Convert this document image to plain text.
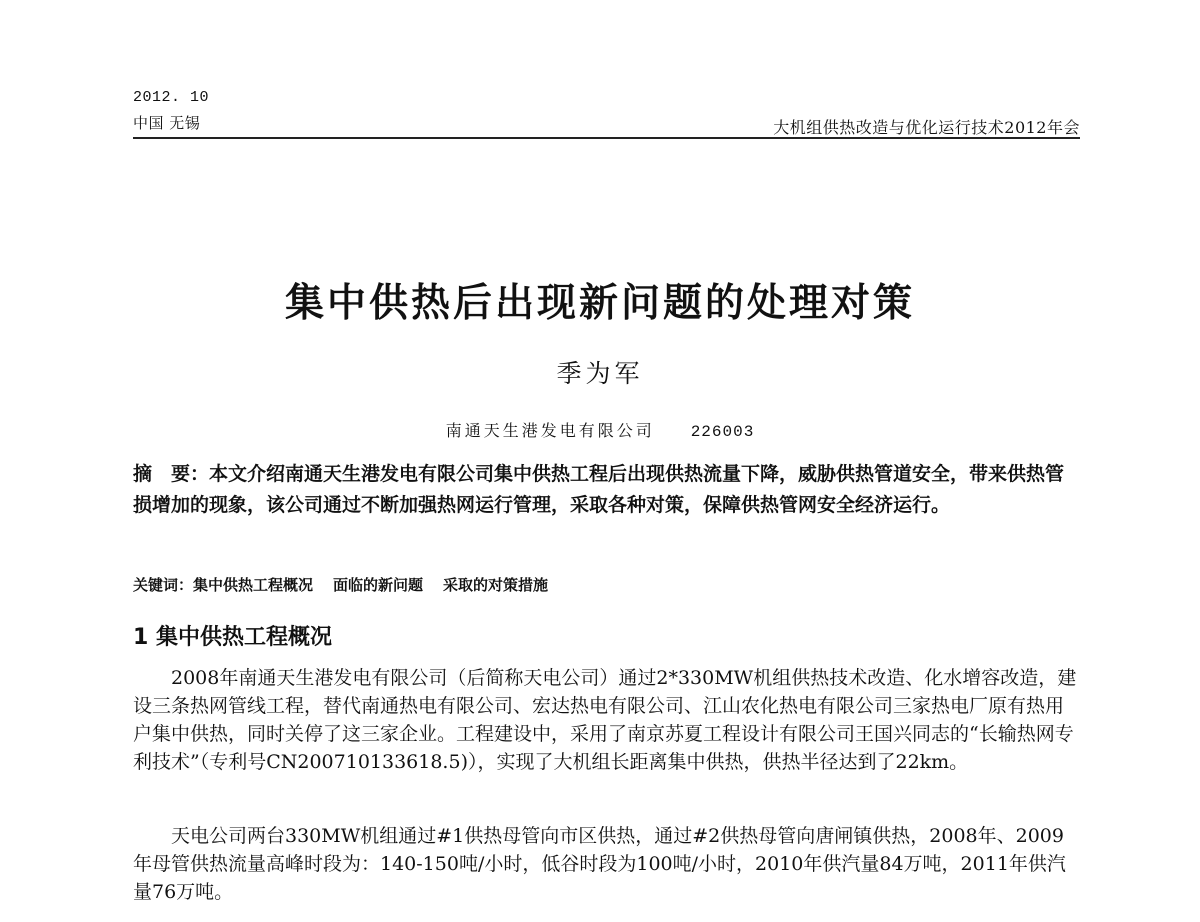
2012. 10
中国 无锡	大机组供热改造与优化运行技术2012年会
集中供热后出现新问题的处理对策
季为军
南通天生港发电有限公司 226003

摘　要：本文介绍南通天生港发电有限公司集中供热工程后出现供热流量下降，威胁供热管道安全，带来供热管损增加的现象，该公司通过不断加强热网运行管理，采取各种对策，保障供热管网安全经济运行。

关键词：集中供热工程概况 面临的新问题 采取的对策措施

1 集中供热工程概况

2008年南通天生港发电有限公司（后简称天电公司）通过2*330MW机组供热技术改造、化水增容改造，建设三条热网管线工程，替代南通热电有限公司、宏达热电有限公司、江山农化热电有限公司三家热电厂原有热用户集中供热，同时关停了这三家企业。工程建设中，采用了南京苏夏工程设计有限公司王国兴同志的“长输热网专利技术”（专利号CN200710133618.5)），实现了大机组长距离集中供热，供热半径达到了22km。

天电公司两台330MW机组通过#1供热母管向市区供热，通过#2供热母管向唐闸镇供热，2008年、2009年母管供热流量高峰时段为：140-150吨/小时，低谷时段为100吨/小时，2010年供汽量84万吨，2011年供汽量76万吨。
